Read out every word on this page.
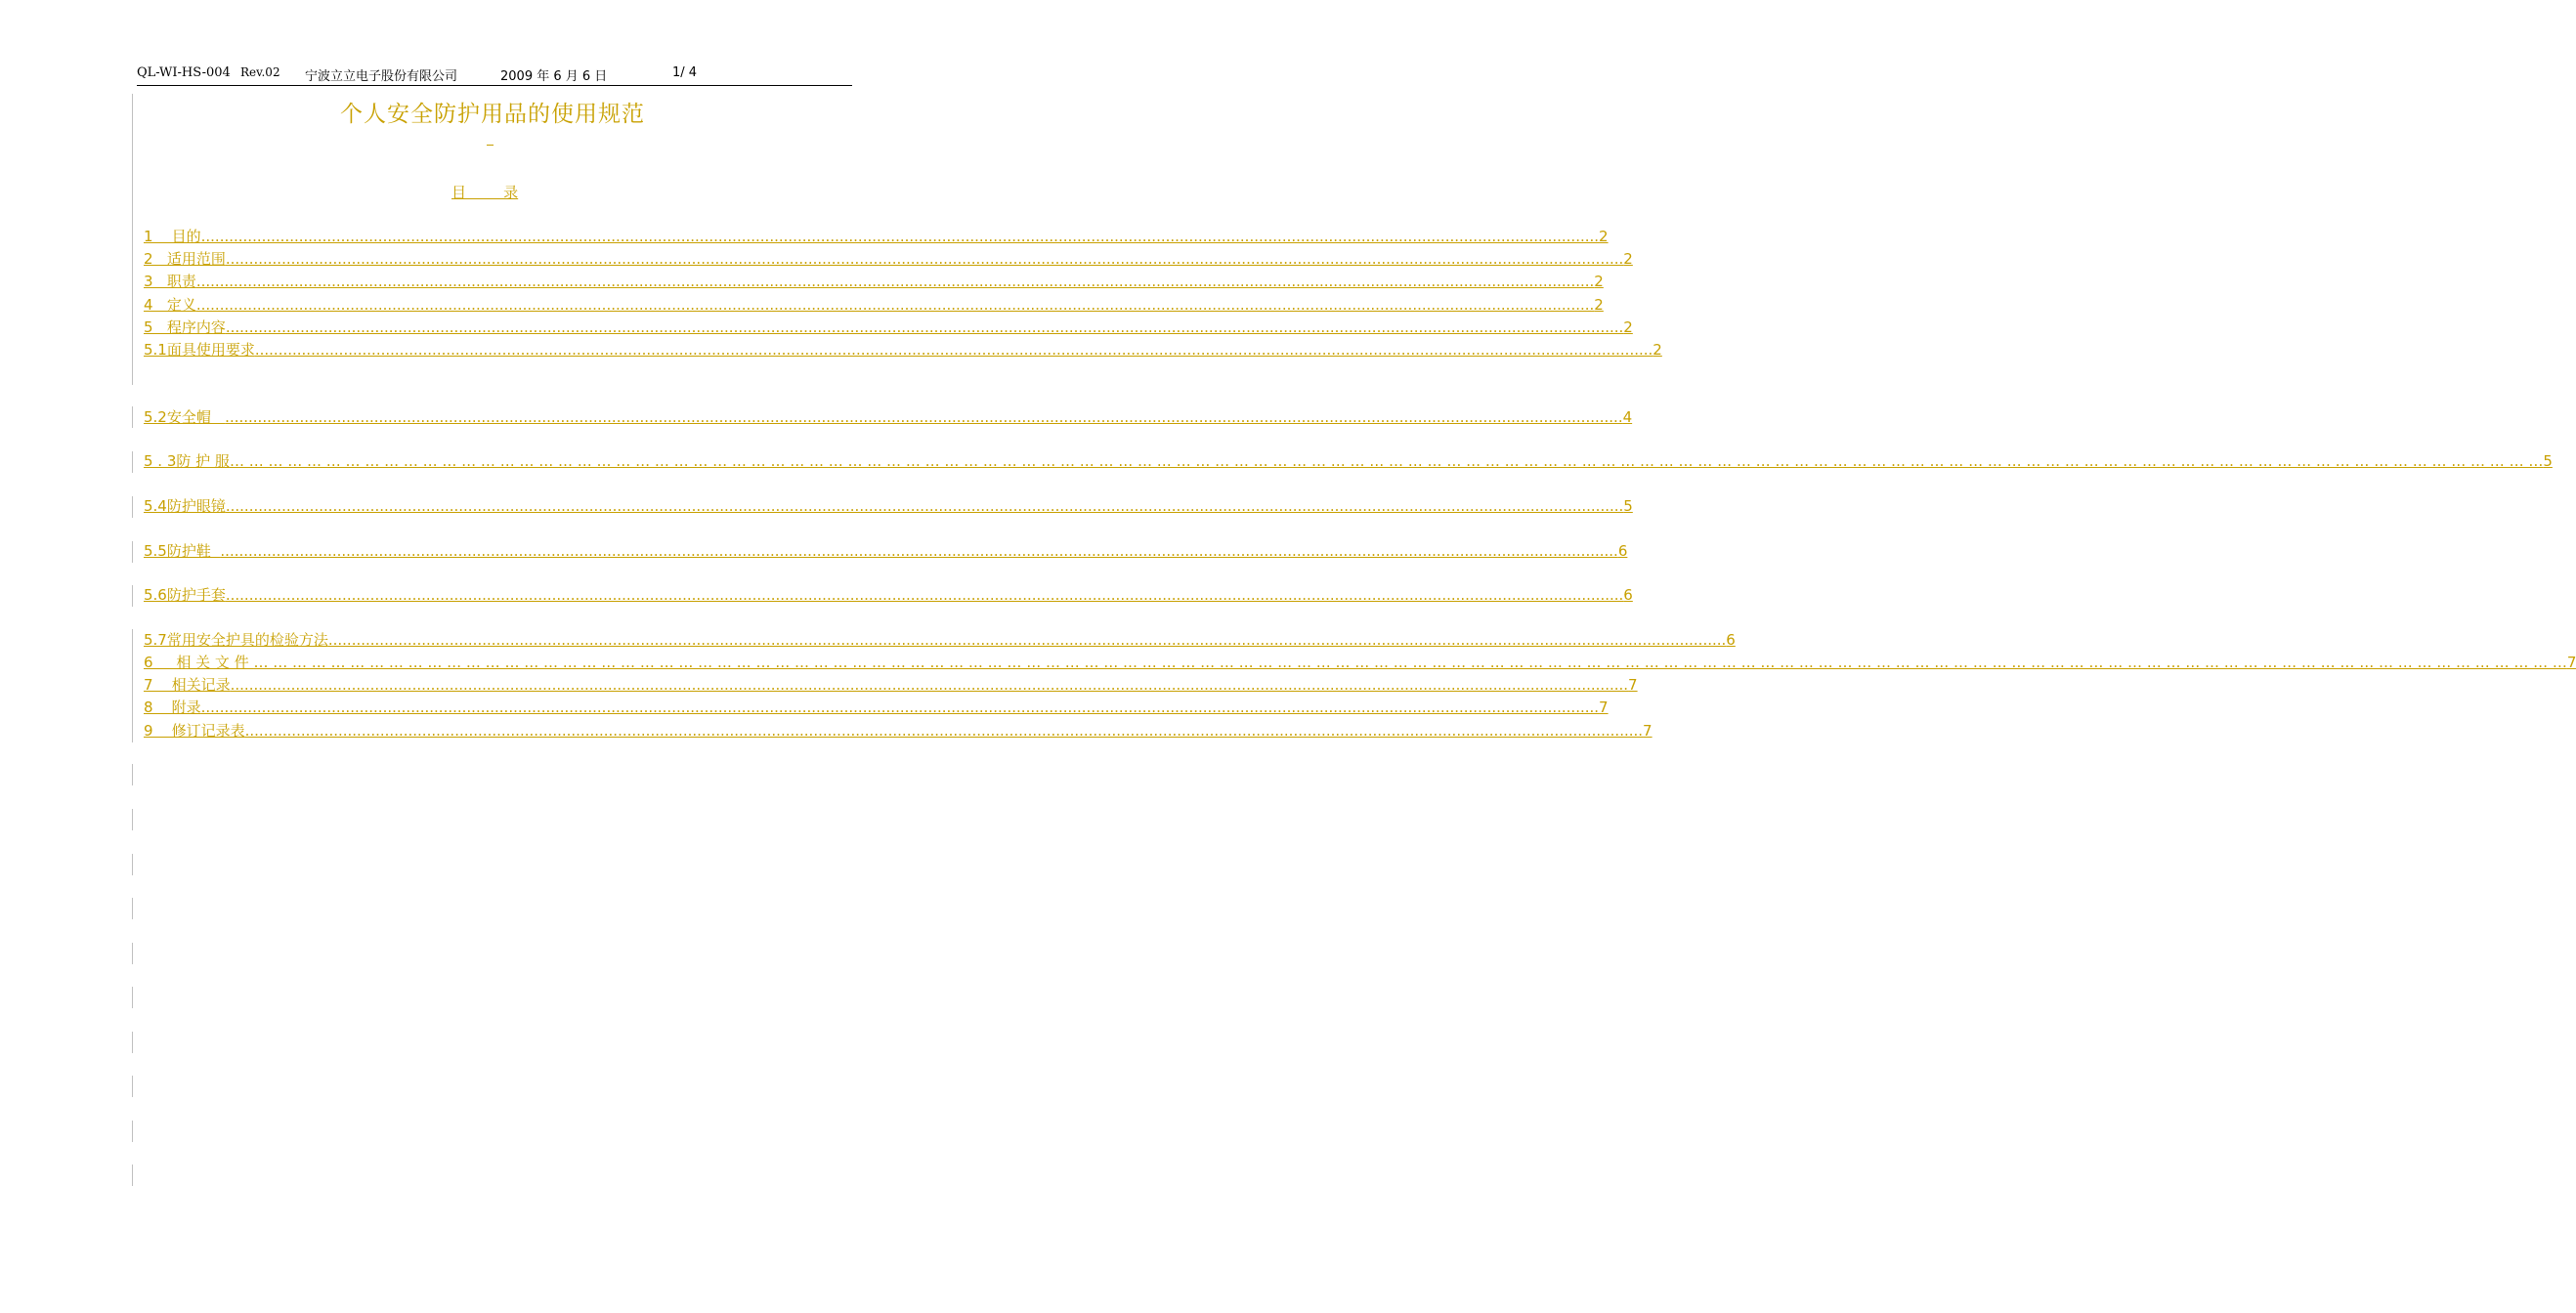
QL-WI-HS-004 Rev.02 宁波立立电子股份有限公司	2009 年 6 月 6 日	1/ 4
个人安全防护用品的使用规范
目        录
1    目的 ............................................................................................................................................................................................................................................................................................................ 2
2   适用范围 ............................................................................................................................................................................................................................................................................................................ 2
3   职责 ............................................................................................................................................................................................................................................................................................................ 2
4   定义 ............................................................................................................................................................................................................................................................................................................ 2
5   程序内容 ............................................................................................................................................................................................................................................................................................................ 2
5.1面具使用要求 ............................................................................................................................................................................................................................................................................................................ 2
5.2安全帽 ............................................................................................................................................................................................................................................................................................................ 4
5 . 3防 护 服 … … … … … … … … … … … … … … … … … … … … … … … … … … … … … … … … … … … … … … … … … … … … … … … … … … … … … … … … … … … … … … … … … … … … … … … … … … … … … … … … … … … … … … … … … … … … … … … … … … … … … … … … … … … … … … … … … … … … … … … … 5
5.4防护眼镜 ............................................................................................................................................................................................................................................................................................................ 5
5.5防护鞋 ............................................................................................................................................................................................................................................................................................................ 6
5.6防护手套 ............................................................................................................................................................................................................................................................................................................ 6
5.7常用安全护具的检验方法 ............................................................................................................................................................................................................................................................................................................ 6
6     相 关 文 件 … … … … … … … … … … … … … … … … … … … … … … … … … … … … … … … … … … … … … … … … … … … … … … … … … … … … … … … … … … … … … … … … … … … … … … … … … … … … … … … … … … … … … … … … … … … … … … … … … … … … … … … … … … … … … … … … … … … … … … … … 7
7    相关记录 ............................................................................................................................................................................................................................................................................................................ 7
8    附录 ............................................................................................................................................................................................................................................................................................................ 7
9    修订记录表 ............................................................................................................................................................................................................................................................................................................ 7
